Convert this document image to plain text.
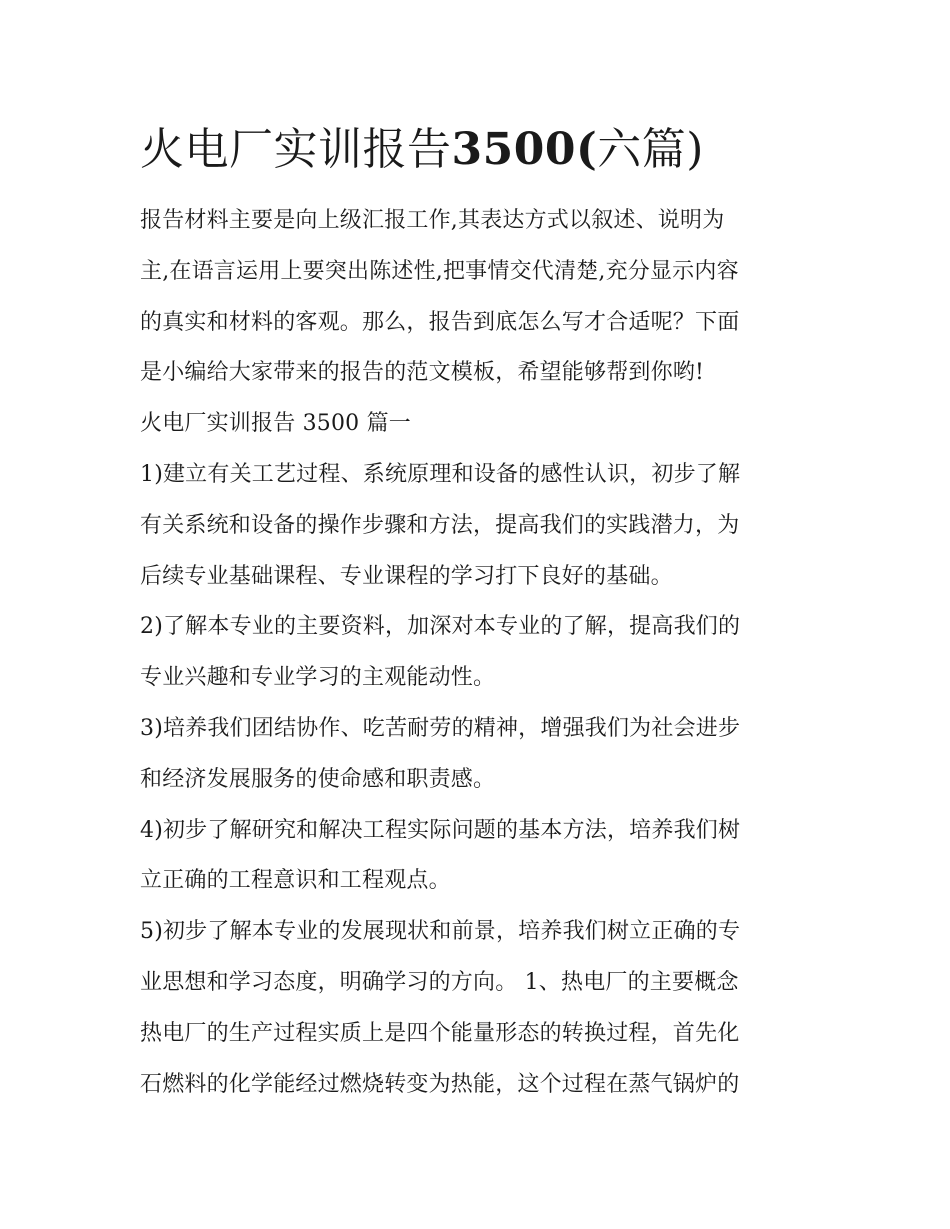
火电厂实训报告3500(六篇)
报告材料主要是向上级汇报工作,其表达方式以叙述、说明为
主,在语言运用上要突出陈述性,把事情交代清楚,充分显示内容
的真实和材料的客观。那么，报告到底怎么写才合适呢？下面
是小编给大家带来的报告的范文模板，希望能够帮到你哟!
火电厂实训报告 3500 篇一
1)建立有关工艺过程、系统原理和设备的感性认识，初步了解
有关系统和设备的操作步骤和方法，提高我们的实践潜力，为
后续专业基础课程、专业课程的学习打下良好的基础。
2)了解本专业的主要资料，加深对本专业的了解，提高我们的
专业兴趣和专业学习的主观能动性。
3)培养我们团结协作、吃苦耐劳的精神，增强我们为社会进步
和经济发展服务的使命感和职责感。
4)初步了解研究和解决工程实际问题的基本方法，培养我们树
立正确的工程意识和工程观点。
5)初步了解本专业的发展现状和前景，培养我们树立正确的专
业思想和学习态度，明确学习的方向。 1、热电厂的主要概念
热电厂的生产过程实质上是四个能量形态的转换过程，首先化
石燃料的化学能经过燃烧转变为热能，这个过程在蒸气锅炉的
